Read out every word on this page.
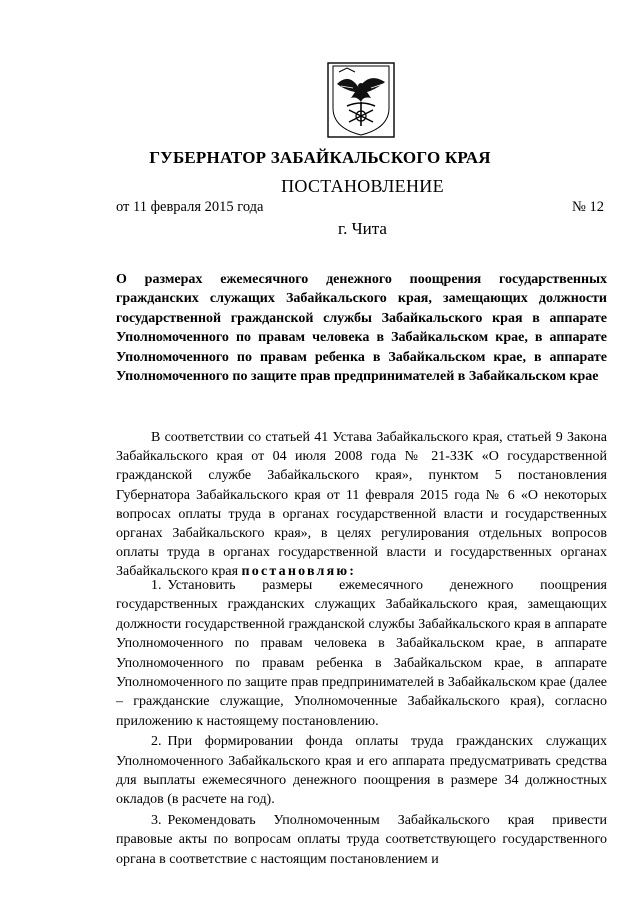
ГУБЕРНАТОР ЗАБАЙКАЛЬСКОГО КРАЯ
ПОСТАНОВЛЕНИЕ
от 11 февраля 2015 года	№ 12
г. Чита
О размерах ежемесячного денежного поощрения государственных гражданских служащих Забайкальского края, замещающих должности государственной гражданской службы Забайкальского края в аппарате Уполномоченного по правам человека в Забайкальском крае, в аппарате Уполномоченного по правам ребенка в Забайкальском крае, в аппарате Уполномоченного по защите прав предпринимателей в Забайкальском крае
В соответствии со статьей 41 Устава Забайкальского края, статьей 9 Закона Забайкальского края от 04 июля 2008 года № 21-ЗЗК «О государственной гражданской службе Забайкальского края», пунктом 5 постановления Губернатора Забайкальского края от 11 февраля 2015 года № 6 «О некоторых вопросах оплаты труда в органах государственной власти и государственных органах Забайкальского края», в целях регулирования отдельных вопросов оплаты труда в органах государственной власти и государственных органах Забайкальского края постановляю:

1. Установить размеры ежемесячного денежного поощрения государственных гражданских служащих Забайкальского края, замещающих должности государственной гражданской службы Забайкальского края в аппарате Уполномоченного по правам человека в Забайкальском крае, в аппарате Уполномоченного по правам ребенка в Забайкальском крае, в аппарате Уполномоченного по защите прав предпринимателей в Забайкальском крае (далее – гражданские служащие, Уполномоченные Забайкальского края), согласно приложению к настоящему постановлению.

2. При формировании фонда оплаты труда гражданских служащих Уполномоченного Забайкальского края и его аппарата предусматривать средства для выплаты ежемесячного денежного поощрения в размере 34 должностных окладов (в расчете на год).

3. Рекомендовать Уполномоченным Забайкальского края привести правовые акты по вопросам оплаты труда соответствующего государственного органа в соответствие с настоящим постановлением и
